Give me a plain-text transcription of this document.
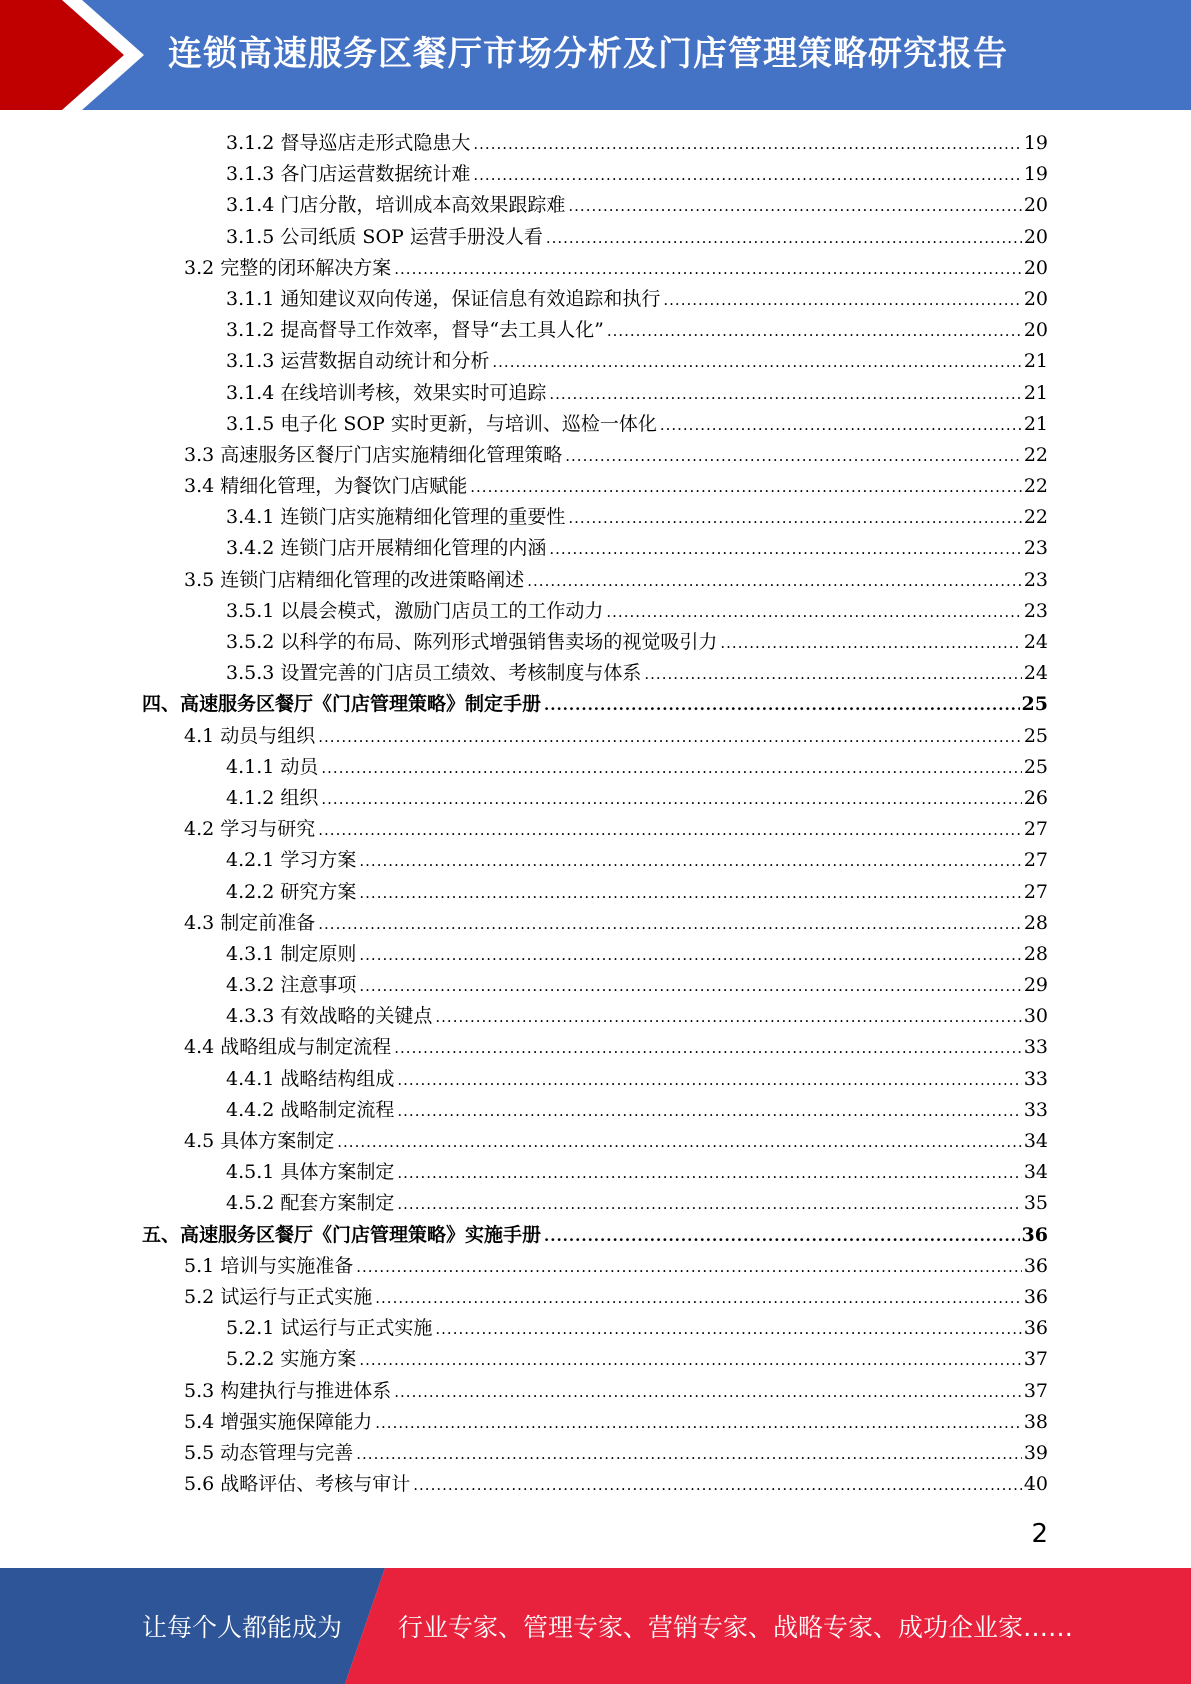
连锁高速服务区餐厅市场分析及门店管理策略研究报告
3.1.2 督导巡店走形式隐患大 .....	19
3.1.3 各门店运营数据统计难 .....	19
3.1.4 门店分散，培训成本高效果跟踪难 .....	20
3.1.5 公司纸质 SOP 运营手册没人看 .....	20
3.2 完整的闭环解决方案 .....	20
3.1.1 通知建议双向传递，保证信息有效追踪和执行 .....	20
3.1.2 提高督导工作效率，督导“去工具人化” .....	20
3.1.3 运营数据自动统计和分析 .....	21
3.1.4 在线培训考核，效果实时可追踪 .....	21
3.1.5 电子化 SOP 实时更新，与培训、巡检一体化 .....	21
3.3 高速服务区餐厅门店实施精细化管理策略 .....	22
3.4 精细化管理，为餐饮门店赋能 .....	22
3.4.1 连锁门店实施精细化管理的重要性 .....	22
3.4.2 连锁门店开展精细化管理的内涵 .....	23
3.5 连锁门店精细化管理的改进策略阐述 .....	23
3.5.1 以晨会模式，激励门店员工的工作动力 .....	23
3.5.2 以科学的布局、陈列形式增强销售卖场的视觉吸引力 .....	24
3.5.3 设置完善的门店员工绩效、考核制度与体系 .....	24
四、高速服务区餐厅《门店管理策略》制定手册 .....	25
4.1 动员与组织 .....	25
4.1.1 动员 .....	25
4.1.2 组织 .....	26
4.2 学习与研究 .....	27
4.2.1 学习方案 .....	27
4.2.2 研究方案 .....	27
4.3 制定前准备 .....	28
4.3.1 制定原则 .....	28
4.3.2 注意事项 .....	29
4.3.3 有效战略的关键点 .....	30
4.4 战略组成与制定流程 .....	33
4.4.1 战略结构组成 .....	33
4.4.2 战略制定流程 .....	33
4.5 具体方案制定 .....	34
4.5.1 具体方案制定 .....	34
4.5.2 配套方案制定 .....	35
五、高速服务区餐厅《门店管理策略》实施手册 .....	36
5.1 培训与实施准备 .....	36
5.2 试运行与正式实施 .....	36
5.2.1 试运行与正式实施 .....	36
5.2.2 实施方案 .....	37
5.3 构建执行与推进体系 .....	37
5.4 增强实施保障能力 .....	38
5.5 动态管理与完善 .....	39
5.6 战略评估、考核与审计 .....	40
2
让每个人都能成为 行业专家、管理专家、营销专家、战略专家、成功企业家……
